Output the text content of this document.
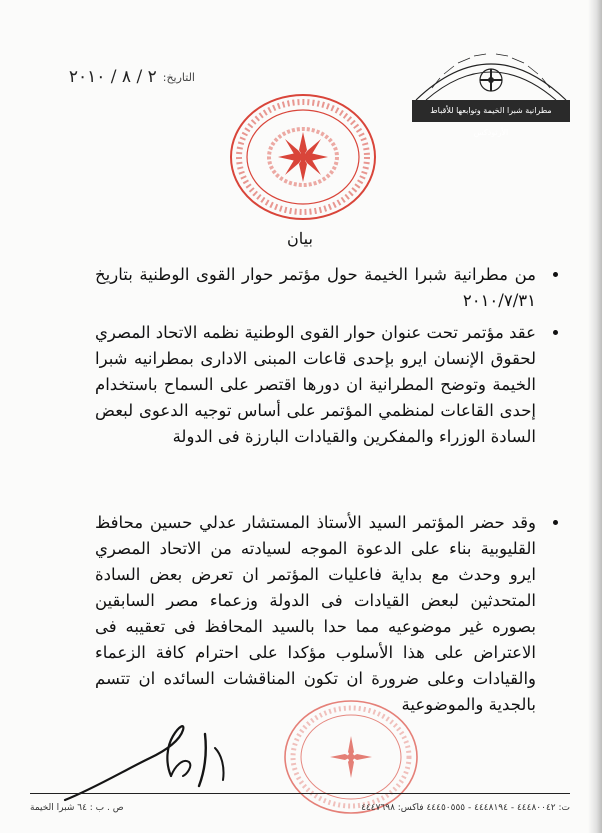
التاريخ:
٢ / ٨ / ٢٠١٠
مطرانية شبرا الخيمة وتوابعها للأقباط الأرثوذكس
بيان

من مطرانية شبرا الخيمة حول مؤتمر حوار القوى الوطنية بتاريخ ٢٠١٠/٧/٣١

عقد مؤتمر تحت عنوان حوار القوى الوطنية نظمه الاتحاد المصري لحقوق الإنسان ايرو بإحدى قاعات المبنى الادارى بمطرانيه شبرا الخيمة وتوضح المطرانية ان دورها اقتصر على السماح باستخدام إحدى القاعات لمنظمي المؤتمر على أساس توجيه الدعوى لبعض السادة الوزراء والمفكرين والقيادات البارزة فى الدولة

وقد حضر المؤتمر السيد الأستاذ المستشار عدلي حسين محافظ القليوبية بناء على الدعوة الموجه لسيادته من الاتحاد المصري ايرو وحدث مع بداية فاعليات المؤتمر ان تعرض بعض السادة المتحدثين لبعض القيادات فى الدولة وزعماء مصر السابقين بصوره غير موضوعيه مما حدا بالسيد المحافظ فى تعقيبه فى الاعتراض على هذا الأسلوب مؤكدا على احترام كافة الزعماء والقيادات وعلى ضرورة ان تكون المناقشات السائده ان تتسم بالجدية والموضوعية

ت: ٤٤٤٨٠٠٤٢ - ٤٤٤٨١٩٤ - ٤٤٤٥٠٥٥٥ فاكس: ٤٤٤٧٦٩٨
ص . ب : ٦٤ شبرا الخيمة
